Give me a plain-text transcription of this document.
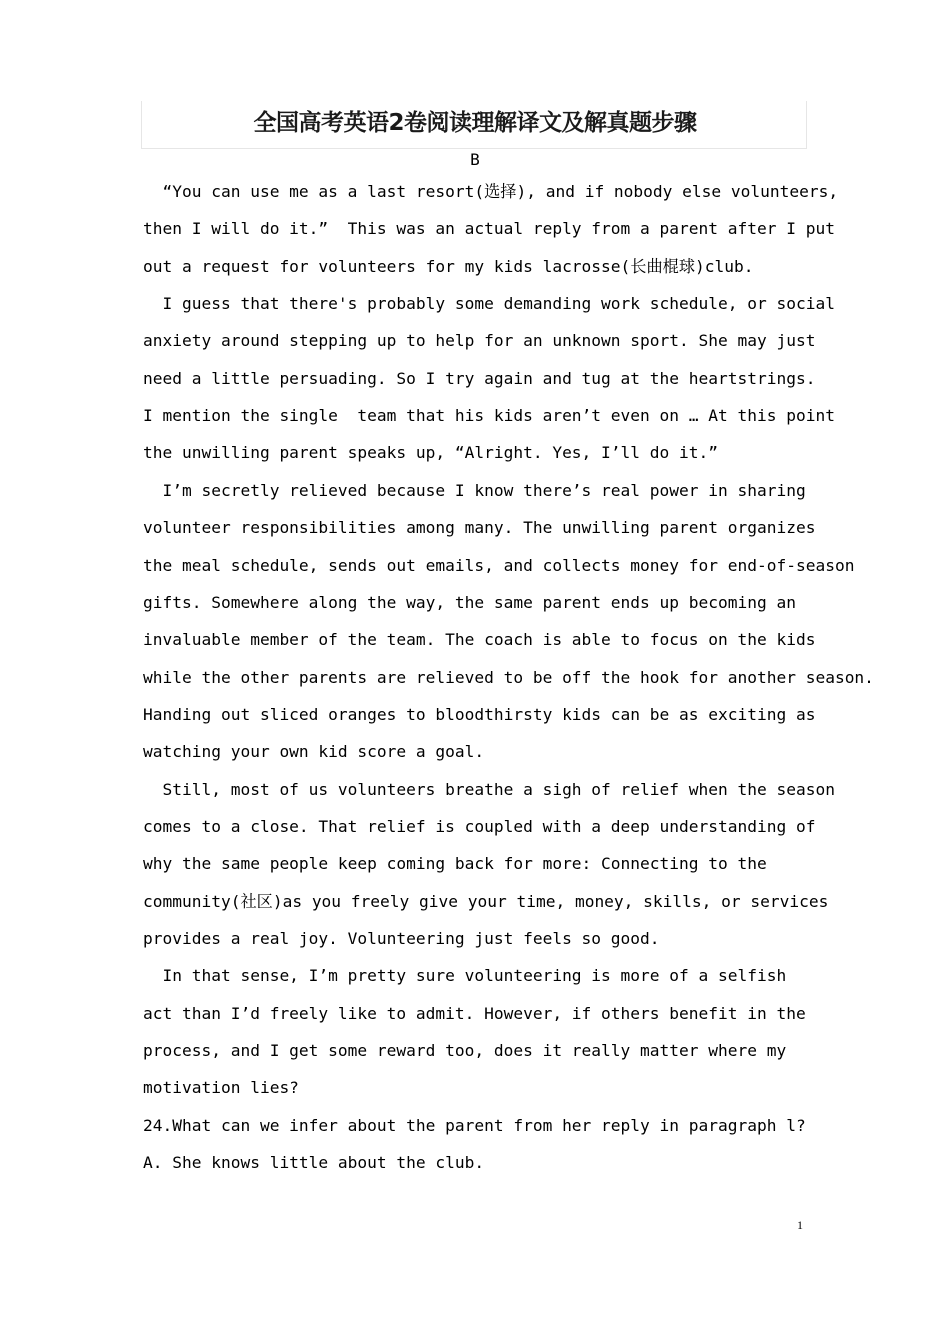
全国高考英语2卷阅读理解译文及解真题步骤
B
“You can use me as a last resort(选择), and if nobody else volunteers,
then I will do it.”  This was an actual reply from a parent after I put
out a request for volunteers for my kids lacrosse(长曲棍球)club.
I guess that there's probably some demanding work schedule, or social
anxiety around stepping up to help for an unknown sport. She may just
need a little persuading. So I try again and tug at the heartstrings.
I mention the single  team that his kids aren’t even on … At this point
the unwilling parent speaks up, “Alright. Yes, I’ll do it.”
I’m secretly relieved because I know there’s real power in sharing
volunteer responsibilities among many. The unwilling parent organizes
the meal schedule, sends out emails, and collects money for end-of-season
gifts. Somewhere along the way, the same parent ends up becoming an
invaluable member of the team. The coach is able to focus on the kids
while the other parents are relieved to be off the hook for another season.
Handing out sliced oranges to bloodthirsty kids can be as exciting as
watching your own kid score a goal.
Still, most of us volunteers breathe a sigh of relief when the season
comes to a close. That relief is coupled with a deep understanding of
why the same people keep coming back for more: Connecting to the
community(社区)as you freely give your time, money, skills, or services
provides a real joy. Volunteering just feels so good.
In that sense, I’m pretty sure volunteering is more of a selfish
act than I’d freely like to admit. However, if others benefit in the
process, and I get some reward too, does it really matter where my
motivation lies?
24.What can we infer about the parent from her reply in paragraph l?
A. She knows little about the club.
1
